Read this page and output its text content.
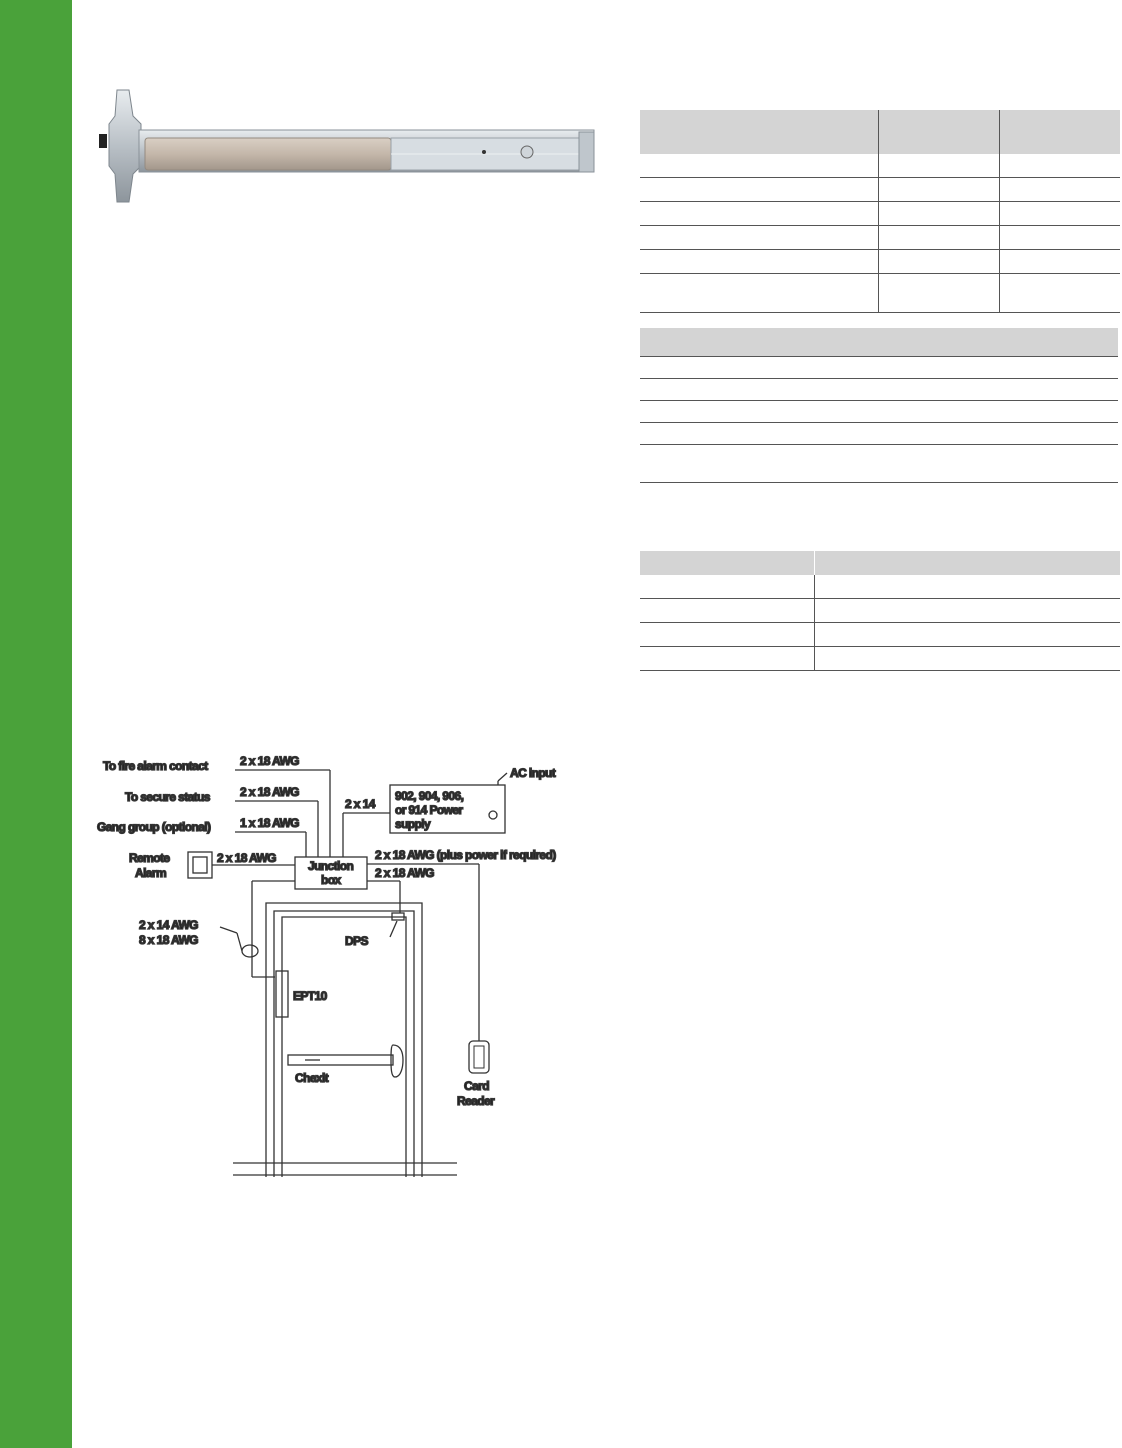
To fire alarm contact	2 x 18 AWG
To secure status	2 x 18 AWG
Gang group (optional) 1 x 18 AWG
Remote
Alarm
2 x 18 AWG
Junction
box
2 x 14
902, 904, 906,
or 914 Power
supply
AC input
2 x 18 AWG (plus power if required)
2 x 18 AWG
2 x 14 AWG
8 x 18 AWG	DPS
EPT10
Chexit
Card
Reader
